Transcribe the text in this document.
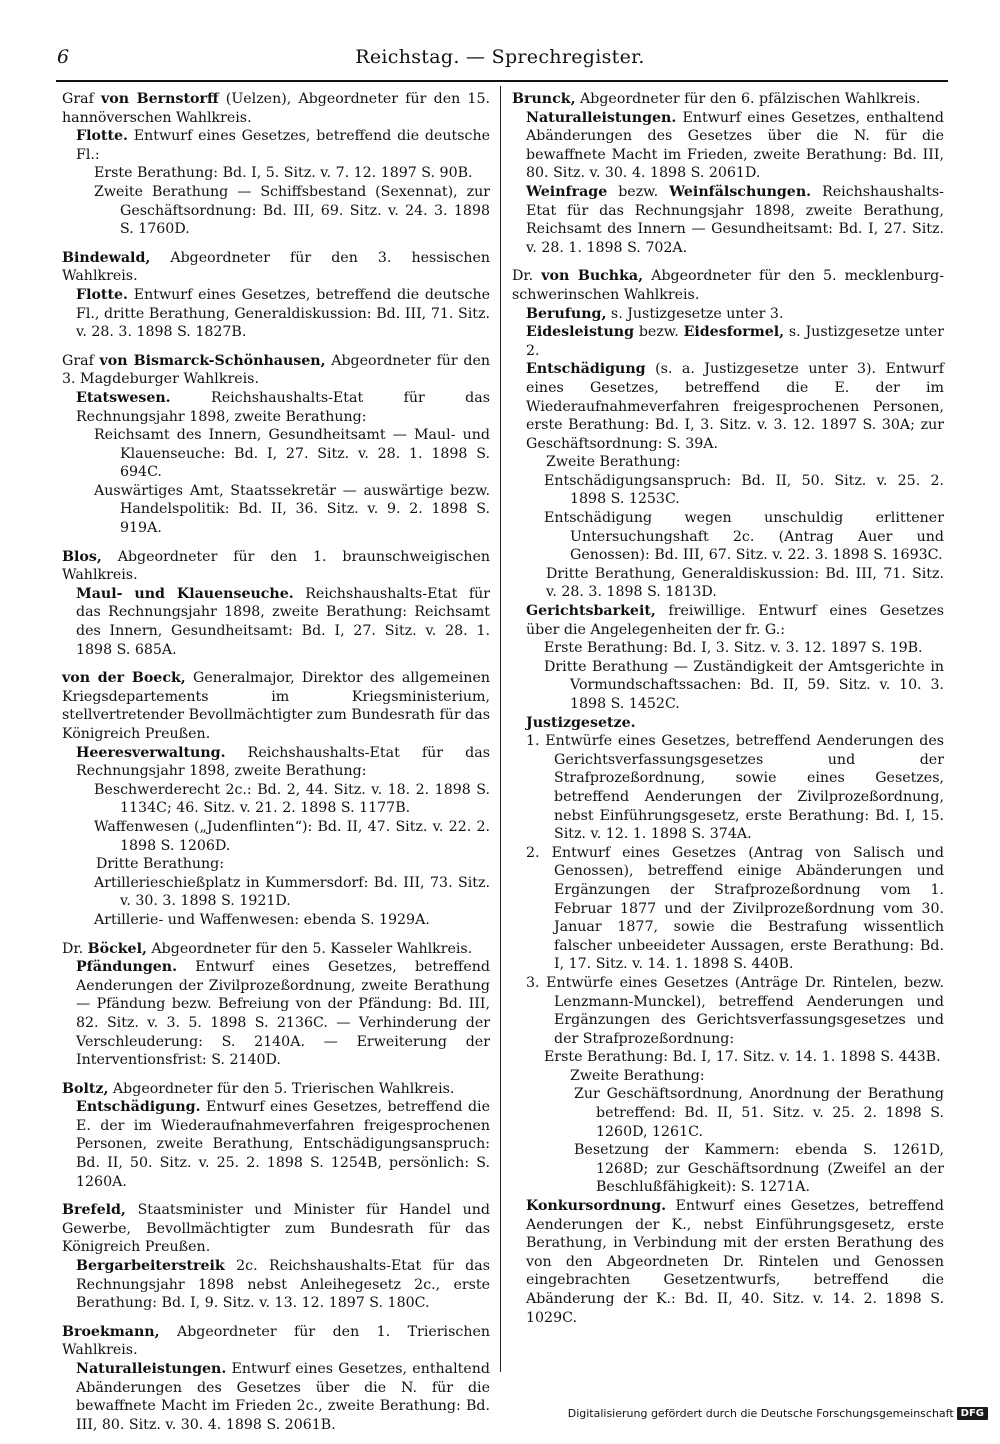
6	Reichstag. — Sprechregister.
Graf von Bernstorff (Uelzen), Abgeordneter für den 15. hannöverschen Wahlkreis.
Flotte. Entwurf eines Gesetzes, betreffend die deutsche Fl.:
Erste Berathung: Bd. I, 5. Sitz. v. 7. 12. 1897 S. 90B.
Zweite Berathung — Schiffsbestand (Sexennat), zur Geschäftsordnung: Bd. III, 69. Sitz. v. 24. 3. 1898 S. 1760D.
Bindewald, Abgeordneter für den 3. hessischen Wahlkreis.
Flotte. Entwurf eines Gesetzes, betreffend die deutsche Fl., dritte Berathung, Generaldiskussion: Bd. III, 71. Sitz. v. 28. 3. 1898 S. 1827B.
Graf von Bismarck-Schönhausen, Abgeordneter für den 3. Magdeburger Wahlkreis.
Etatswesen. Reichshaushalts-Etat für das Rechnungsjahr 1898, zweite Berathung:
Reichsamt des Innern, Gesundheitsamt — Maul- und Klauenseuche: Bd. I, 27. Sitz. v. 28. 1. 1898 S. 694C.
Auswärtiges Amt, Staatssekretär — auswärtige bezw. Handelspolitik: Bd. II, 36. Sitz. v. 9. 2. 1898 S. 919A.
Blos, Abgeordneter für den 1. braunschweigischen Wahlkreis.
Maul- und Klauenseuche. Reichshaushalts-Etat für das Rechnungsjahr 1898, zweite Berathung: Reichsamt des Innern, Gesundheitsamt: Bd. I, 27. Sitz. v. 28. 1. 1898 S. 685A.
von der Boeck, Generalmajor, Direktor des allgemeinen Kriegsdepartements im Kriegsministerium, stellvertretender Bevollmächtigter zum Bundesrath für das Königreich Preußen.
Heeresverwaltung. Reichshaushalts-Etat für das Rechnungsjahr 1898, zweite Berathung:
Beschwerderecht 2c.: Bd. 2, 44. Sitz. v. 18. 2. 1898 S. 1134C; 46. Sitz. v. 21. 2. 1898 S. 1177B.
Waffenwesen („Judenflinten“): Bd. II, 47. Sitz. v. 22. 2. 1898 S. 1206D.
Dritte Berathung:
Artillerieschießplatz in Kummersdorf: Bd. III, 73. Sitz. v. 30. 3. 1898 S. 1921D.
Artillerie- und Waffenwesen: ebenda S. 1929A.
Dr. Böckel, Abgeordneter für den 5. Kasseler Wahlkreis.
Pfändungen. Entwurf eines Gesetzes, betreffend Aenderungen der Zivilprozeßordnung, zweite Berathung — Pfändung bezw. Befreiung von der Pfändung: Bd. III, 82. Sitz. v. 3. 5. 1898 S. 2136C. — Verhinderung der Verschleuderung: S. 2140A. — Erweiterung der Interventionsfrist: S. 2140D.
Boltz, Abgeordneter für den 5. Trierischen Wahlkreis.
Entschädigung. Entwurf eines Gesetzes, betreffend die E. der im Wiederaufnahmeverfahren freigesprochenen Personen, zweite Berathung, Entschädigungsanspruch: Bd. II, 50. Sitz. v. 25. 2. 1898 S. 1254B, persönlich: S. 1260A.
Brefeld, Staatsminister und Minister für Handel und Gewerbe, Bevollmächtigter zum Bundesrath für das Königreich Preußen.
Bergarbeiterstreik 2c. Reichshaushalts-Etat für das Rechnungsjahr 1898 nebst Anleihegesetz 2c., erste Berathung: Bd. I, 9. Sitz. v. 13. 12. 1897 S. 180C.
Broekmann, Abgeordneter für den 1. Trierischen Wahlkreis.
Naturalleistungen. Entwurf eines Gesetzes, enthaltend Abänderungen des Gesetzes über die N. für die bewaffnete Macht im Frieden 2c., zweite Berathung: Bd. III, 80. Sitz. v. 30. 4. 1898 S. 2061B.
Brunck, Abgeordneter für den 6. pfälzischen Wahlkreis.
Naturalleistungen. Entwurf eines Gesetzes, enthaltend Abänderungen des Gesetzes über die N. für die bewaffnete Macht im Frieden, zweite Berathung: Bd. III, 80. Sitz. v. 30. 4. 1898 S. 2061D.
Weinfrage bezw. Weinfälschungen. Reichshaushalts-Etat für das Rechnungsjahr 1898, zweite Berathung, Reichsamt des Innern — Gesundheitsamt: Bd. I, 27. Sitz. v. 28. 1. 1898 S. 702A.
Dr. von Buchka, Abgeordneter für den 5. mecklenburg-schwerinschen Wahlkreis.
Berufung, s. Justizgesetze unter 3.
Eidesleistung bezw. Eidesformel, s. Justizgesetze unter 2.
Entschädigung (s. a. Justizgesetze unter 3). Entwurf eines Gesetzes, betreffend die E. der im Wiederaufnahmeverfahren freigesprochenen Personen, erste Berathung: Bd. I, 3. Sitz. v. 3. 12. 1897 S. 30A; zur Geschäftsordnung: S. 39A.
Zweite Berathung:
Entschädigungsanspruch: Bd. II, 50. Sitz. v. 25. 2. 1898 S. 1253C.
Entschädigung wegen unschuldig erlittener Untersuchungshaft 2c. (Antrag Auer und Genossen): Bd. III, 67. Sitz. v. 22. 3. 1898 S. 1693C.
Dritte Berathung, Generaldiskussion: Bd. III, 71. Sitz. v. 28. 3. 1898 S. 1813D.
Gerichtsbarkeit, freiwillige. Entwurf eines Gesetzes über die Angelegenheiten der fr. G.:
Erste Berathung: Bd. I, 3. Sitz. v. 3. 12. 1897 S. 19B.
Dritte Berathung — Zuständigkeit der Amtsgerichte in Vormundschaftssachen: Bd. II, 59. Sitz. v. 10. 3. 1898 S. 1452C.
Justizgesetze.
1. Entwürfe eines Gesetzes, betreffend Aenderungen des Gerichtsverfassungsgesetzes und der Strafprozeßordnung, sowie eines Gesetzes, betreffend Aenderungen der Zivilprozeßordnung, nebst Einführungsgesetz, erste Berathung: Bd. I, 15. Sitz. v. 12. 1. 1898 S. 374A.
2. Entwurf eines Gesetzes (Antrag von Salisch und Genossen), betreffend einige Abänderungen und Ergänzungen der Strafprozeßordnung vom 1. Februar 1877 und der Zivilprozeßordnung vom 30. Januar 1877, sowie die Bestrafung wissentlich falscher unbeeideter Aussagen, erste Berathung: Bd. I, 17. Sitz. v. 14. 1. 1898 S. 440B.
3. Entwürfe eines Gesetzes (Anträge Dr. Rintelen, bezw. Lenzmann-Munckel), betreffend Aenderungen und Ergänzungen des Gerichtsverfassungsgesetzes und der Strafprozeßordnung:
Erste Berathung: Bd. I, 17. Sitz. v. 14. 1. 1898 S. 443B.
Zweite Berathung:
Zur Geschäftsordnung, Anordnung der Berathung betreffend: Bd. II, 51. Sitz. v. 25. 2. 1898 S. 1260D, 1261C.
Besetzung der Kammern: ebenda S. 1261D, 1268D; zur Geschäftsordnung (Zweifel an der Beschlußfähigkeit): S. 1271A.
Konkursordnung. Entwurf eines Gesetzes, betreffend Aenderungen der K., nebst Einführungsgesetz, erste Berathung, in Verbindung mit der ersten Berathung des von den Abgeordneten Dr. Rintelen und Genossen eingebrachten Gesetzentwurfs, betreffend die Abänderung der K.: Bd. II, 40. Sitz. v. 14. 2. 1898 S. 1029C.
Digitalisierung gefördert durch die Deutsche Forschungsgemeinschaft DFG
